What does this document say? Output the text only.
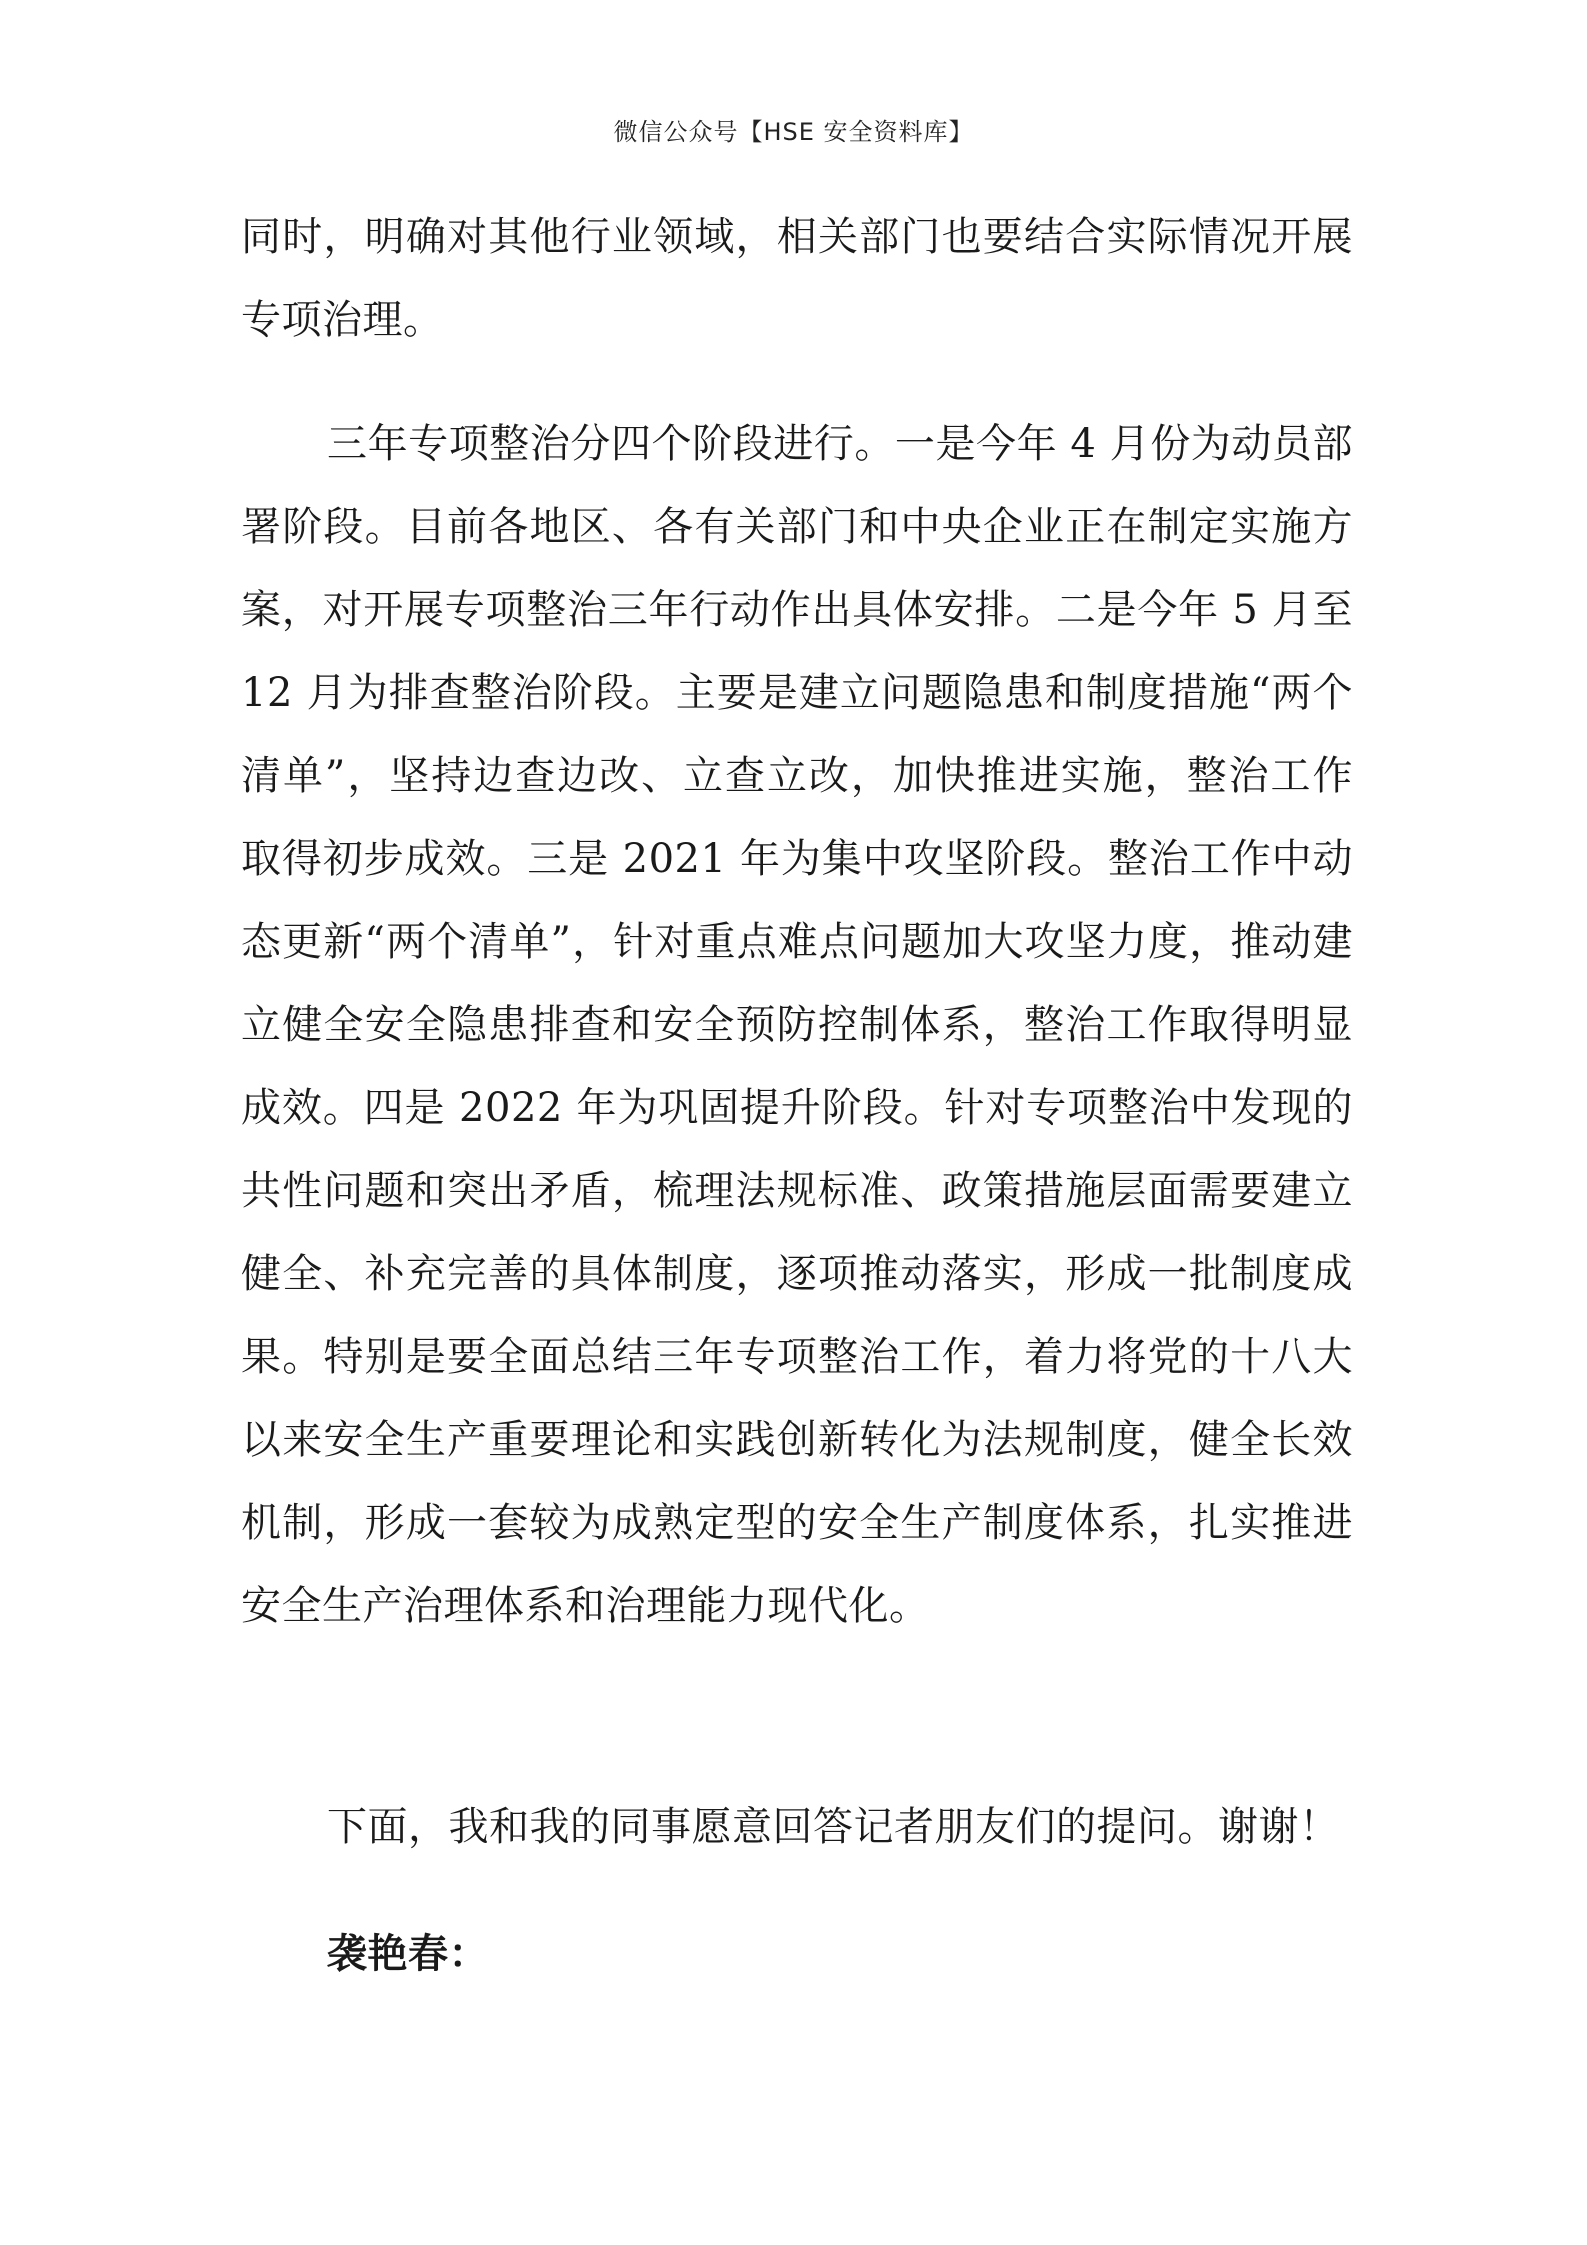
微信公众号【HSE 安全资料库】

同时，明确对其他行业领域，相关部门也要结合实际情况开展专项治理。

三年专项整治分四个阶段进行。一是今年 4 月份为动员部署阶段。目前各地区、各有关部门和中央企业正在制定实施方案，对开展专项整治三年行动作出具体安排。二是今年 5 月至 12 月为排查整治阶段。主要是建立问题隐患和制度措施“两个清单”，坚持边查边改、立查立改，加快推进实施，整治工作取得初步成效。三是 2021 年为集中攻坚阶段。整治工作中动态更新“两个清单”，针对重点难点问题加大攻坚力度，推动建立健全安全隐患排查和安全预防控制体系，整治工作取得明显成效。四是 2022 年为巩固提升阶段。针对专项整治中发现的共性问题和突出矛盾，梳理法规标准、政策措施层面需要建立健全、补充完善的具体制度，逐项推动落实，形成一批制度成果。特别是要全面总结三年专项整治工作，着力将党的十八大以来安全生产重要理论和实践创新转化为法规制度，健全长效机制，形成一套较为成熟定型的安全生产制度体系，扎实推进安全生产治理体系和治理能力现代化。

下面，我和我的同事愿意回答记者朋友们的提问。谢谢！

袭艳春：
